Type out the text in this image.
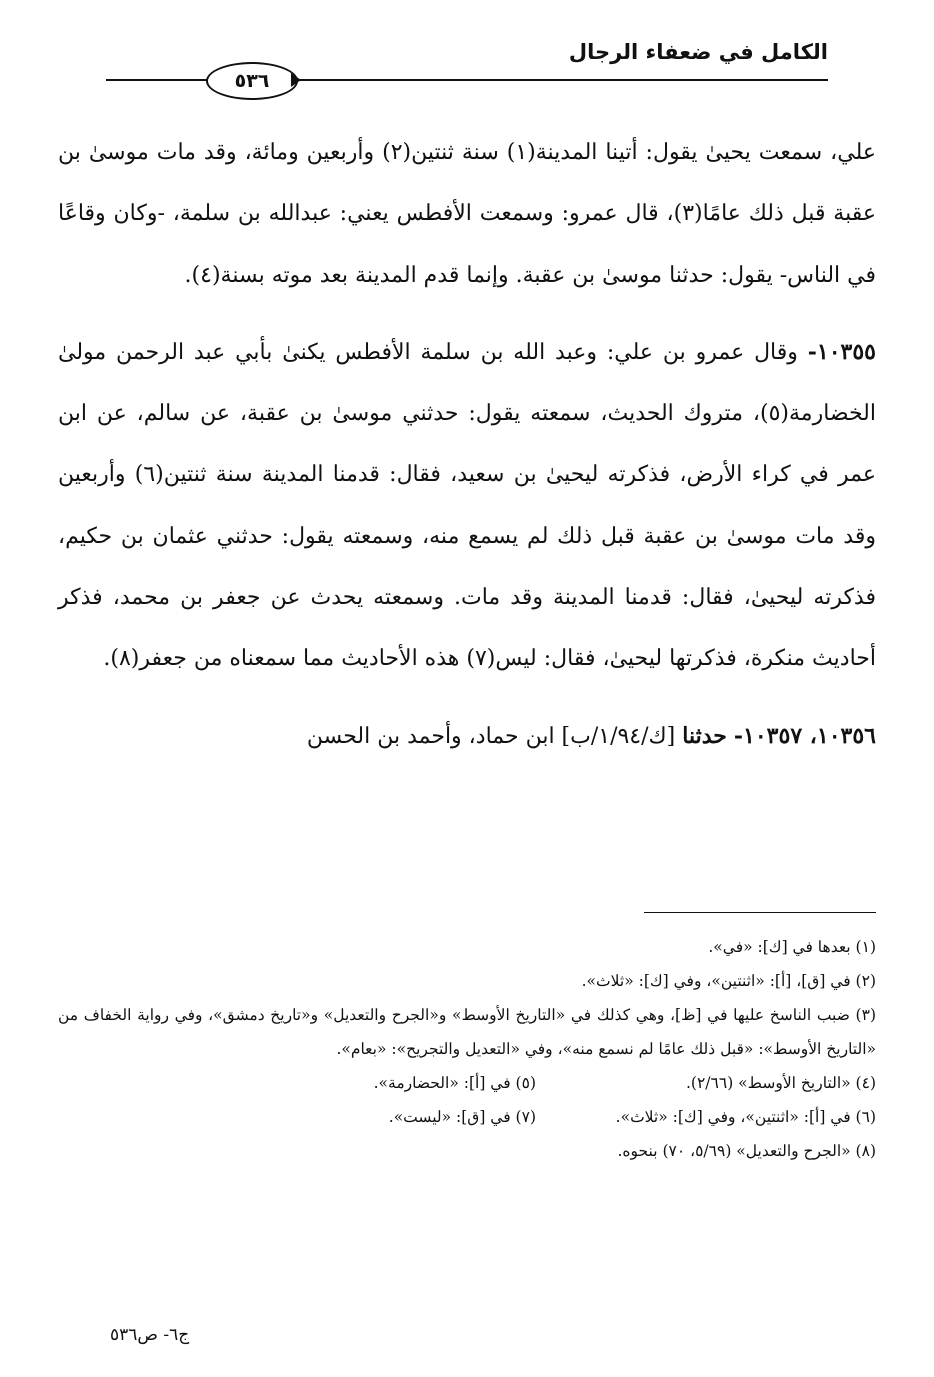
الكامل في ضعفاء الرجال
٥٣٦

علي، سمعت يحيىٰ يقول: أتينا المدينة(١) سنة ثنتين(٢) وأربعين ومائة، وقد مات موسىٰ بن عقبة قبل ذلك عامًا(٣)، قال عمرو: وسمعت الأفطس يعني: عبدالله بن سلمة، -وكان وقاعًا في الناس- يقول: حدثنا موسىٰ بن عقبة. وإنما قدم المدينة بعد موته بسنة(٤).

١٠٣٥٥- وقال عمرو بن علي: وعبد الله بن سلمة الأفطس يكنىٰ بأبي عبد الرحمن مولىٰ الخضارمة(٥)، متروك الحديث، سمعته يقول: حدثني موسىٰ بن عقبة، عن سالم، عن ابن عمر في كراء الأرض، فذكرته ليحيىٰ بن سعيد، فقال: قدمنا المدينة سنة ثنتين(٦) وأربعين وقد مات موسىٰ بن عقبة قبل ذلك لم يسمع منه، وسمعته يقول: حدثني عثمان بن حكيم، فذكرته ليحيىٰ، فقال: قدمنا المدينة وقد مات. وسمعته يحدث عن جعفر بن محمد، فذكر أحاديث منكرة، فذكرتها ليحيىٰ، فقال: ليس(٧) هذه الأحاديث مما سمعناه من جعفر(٨).

١٠٣٥٦، ١٠٣٥٧- حدثنا [ك/١/٩٤/ب] ابن حماد، وأحمد بن الحسن

(١) بعدها في [ك]: «في».

(٢) في [ق]، [أ]: «اثنتين»، وفي [ك]: «ثلاث».

(٣) ضبب الناسخ عليها في [ظ]، وهي كذلك في «التاريخ الأوسط» و«الجرح والتعديل» و«تاريخ دمشق»، وفي رواية الخفاف من «التاريخ الأوسط»: «قبل ذلك عامًا لم نسمع منه»، وفي «التعديل والتجريح»: «بعام».

(٤) «التاريخ الأوسط» (٢/٦٦).
(٥) في [أ]: «الحضارمة».
(٦) في [أ]: «اثنتين»، وفي [ك]: «ثلاث».
(٧) في [ق]: «ليست».

(٨) «الجرح والتعديل» (٥/٦٩، ٧٠) بنحوه.

ج٦- ص٥٣٦
